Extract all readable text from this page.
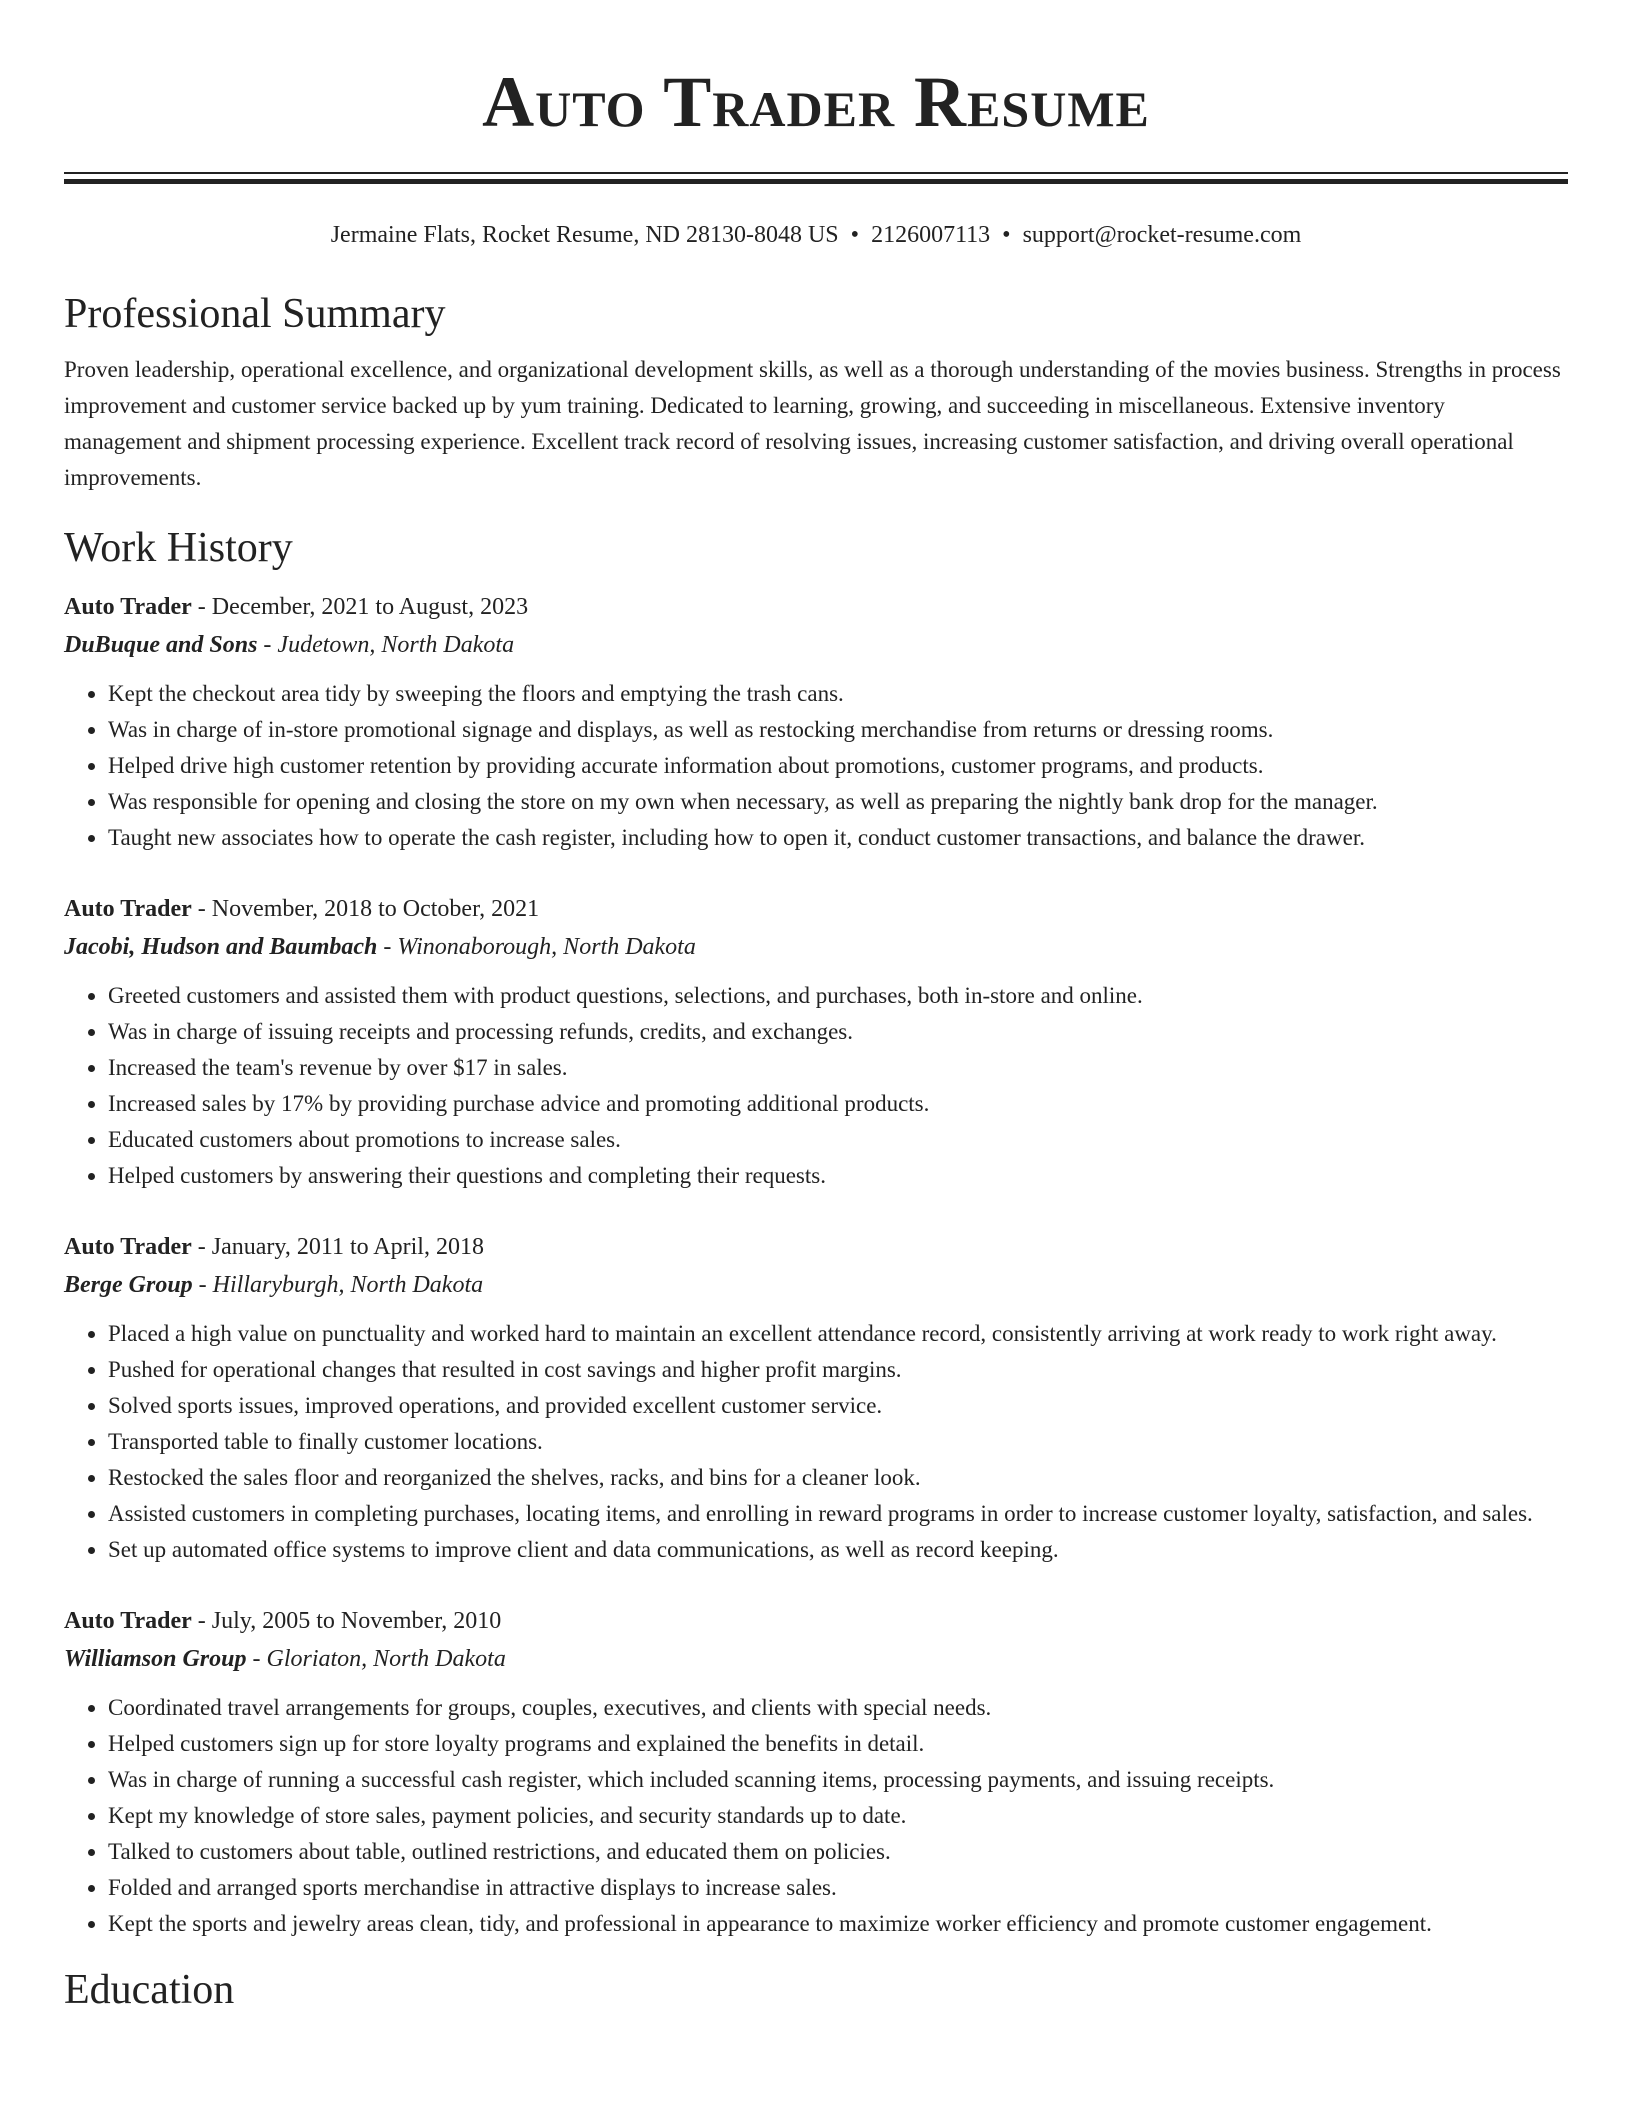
Auto Trader Resume
Jermaine Flats, Rocket Resume, ND 28130-8048 US • 2126007113 • support@rocket-resume.com
Professional Summary

Proven leadership, operational excellence, and organizational development skills, as well as a thorough understanding of the movies business. Strengths in process improvement and customer service backed up by yum training. Dedicated to learning, growing, and succeeding in miscellaneous. Extensive inventory management and shipment processing experience. Excellent track record of resolving issues, increasing customer satisfaction, and driving overall operational improvements.

Work History
Auto Trader - December, 2021 to August, 2023
DuBuque and Sons - Judetown, North Dakota
• Kept the checkout area tidy by sweeping the floors and emptying the trash cans.
• Was in charge of in-store promotional signage and displays, as well as restocking merchandise from returns or dressing rooms.
• Helped drive high customer retention by providing accurate information about promotions, customer programs, and products.
• Was responsible for opening and closing the store on my own when necessary, as well as preparing the nightly bank drop for the manager.
• Taught new associates how to operate the cash register, including how to open it, conduct customer transactions, and balance the drawer.
Auto Trader - November, 2018 to October, 2021
Jacobi, Hudson and Baumbach - Winonaborough, North Dakota
• Greeted customers and assisted them with product questions, selections, and purchases, both in-store and online.
• Was in charge of issuing receipts and processing refunds, credits, and exchanges.
• Increased the team's revenue by over $17 in sales.
• Increased sales by 17% by providing purchase advice and promoting additional products.
• Educated customers about promotions to increase sales.
• Helped customers by answering their questions and completing their requests.
Auto Trader - January, 2011 to April, 2018
Berge Group - Hillaryburgh, North Dakota
• Placed a high value on punctuality and worked hard to maintain an excellent attendance record, consistently arriving at work ready to work right away.
• Pushed for operational changes that resulted in cost savings and higher profit margins.
• Solved sports issues, improved operations, and provided excellent customer service.
• Transported table to finally customer locations.
• Restocked the sales floor and reorganized the shelves, racks, and bins for a cleaner look.
• Assisted customers in completing purchases, locating items, and enrolling in reward programs in order to increase customer loyalty, satisfaction, and sales.
• Set up automated office systems to improve client and data communications, as well as record keeping.
Auto Trader - July, 2005 to November, 2010
Williamson Group - Gloriaton, North Dakota
• Coordinated travel arrangements for groups, couples, executives, and clients with special needs.
• Helped customers sign up for store loyalty programs and explained the benefits in detail.
• Was in charge of running a successful cash register, which included scanning items, processing payments, and issuing receipts.
• Kept my knowledge of store sales, payment policies, and security standards up to date.
• Talked to customers about table, outlined restrictions, and educated them on policies.
• Folded and arranged sports merchandise in attractive displays to increase sales.
• Kept the sports and jewelry areas clean, tidy, and professional in appearance to maximize worker efficiency and promote customer engagement.
Education
